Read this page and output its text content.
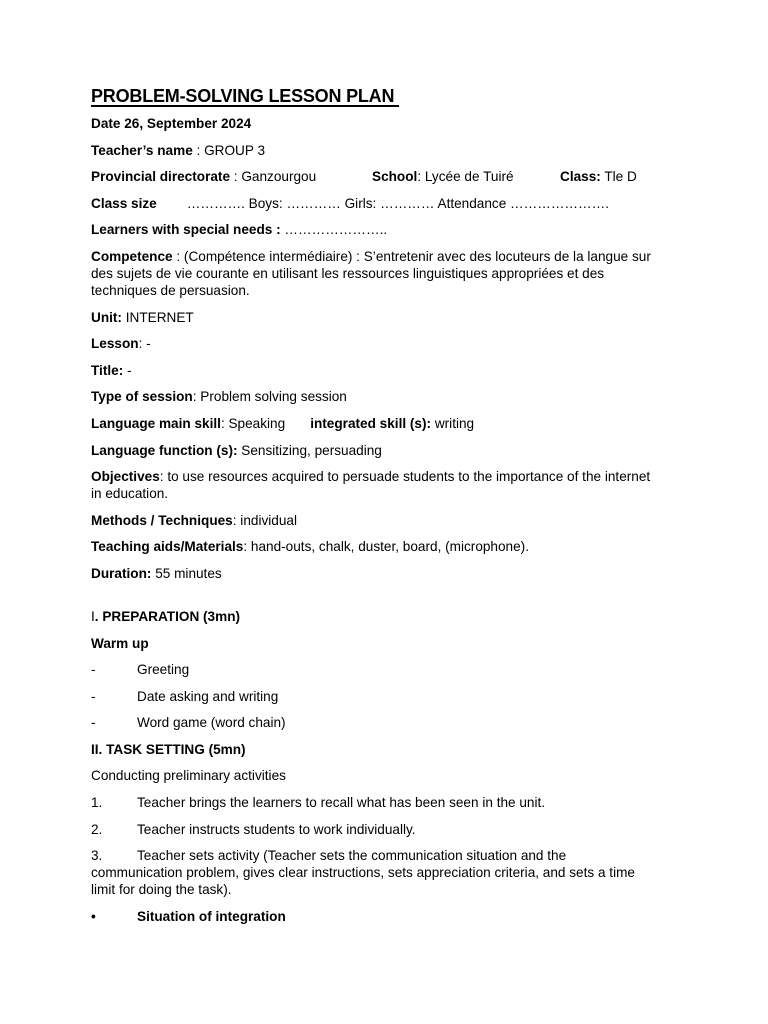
PROBLEM-SOLVING LESSON PLAN
Date 26, September 2024
Teacher’s name : GROUP 3
Provincial directorate : Ganzourgou	School: Lycée de Tuiré	Class: Tle D
Class size …………. Boys: ………… Girls: ………… Attendance ………………….
Learners with special needs : …………………..
Competence : (Compétence intermédiaire) : S’entretenir avec des locuteurs de la langue sur des sujets de vie courante en utilisant les ressources linguistiques appropriées et des techniques de persuasion.
Unit: INTERNET
Lesson: -
Title: -
Type of session: Problem solving session
Language main skill: Speaking integrated skill (s): writing
Language function (s): Sensitizing, persuading
Objectives: to use resources acquired to persuade students to the importance of the internet in education.
Methods / Techniques: individual
Teaching aids/Materials: hand-outs, chalk, duster, board, (microphone).
Duration: 55 minutes
I. PREPARATION (3mn)
Warm up
-	Greeting
-	Date asking and writing
-	Word game (word chain)
II. TASK SETTING (5mn)
Conducting preliminary activities
1.	Teacher brings the learners to recall what has been seen in the unit.
2.	Teacher instructs students to work individually.
3.	Teacher sets activity (Teacher sets the communication situation and the communication problem, gives clear instructions, sets appreciation criteria, and sets a time limit for doing the task).
•	Situation of integration
